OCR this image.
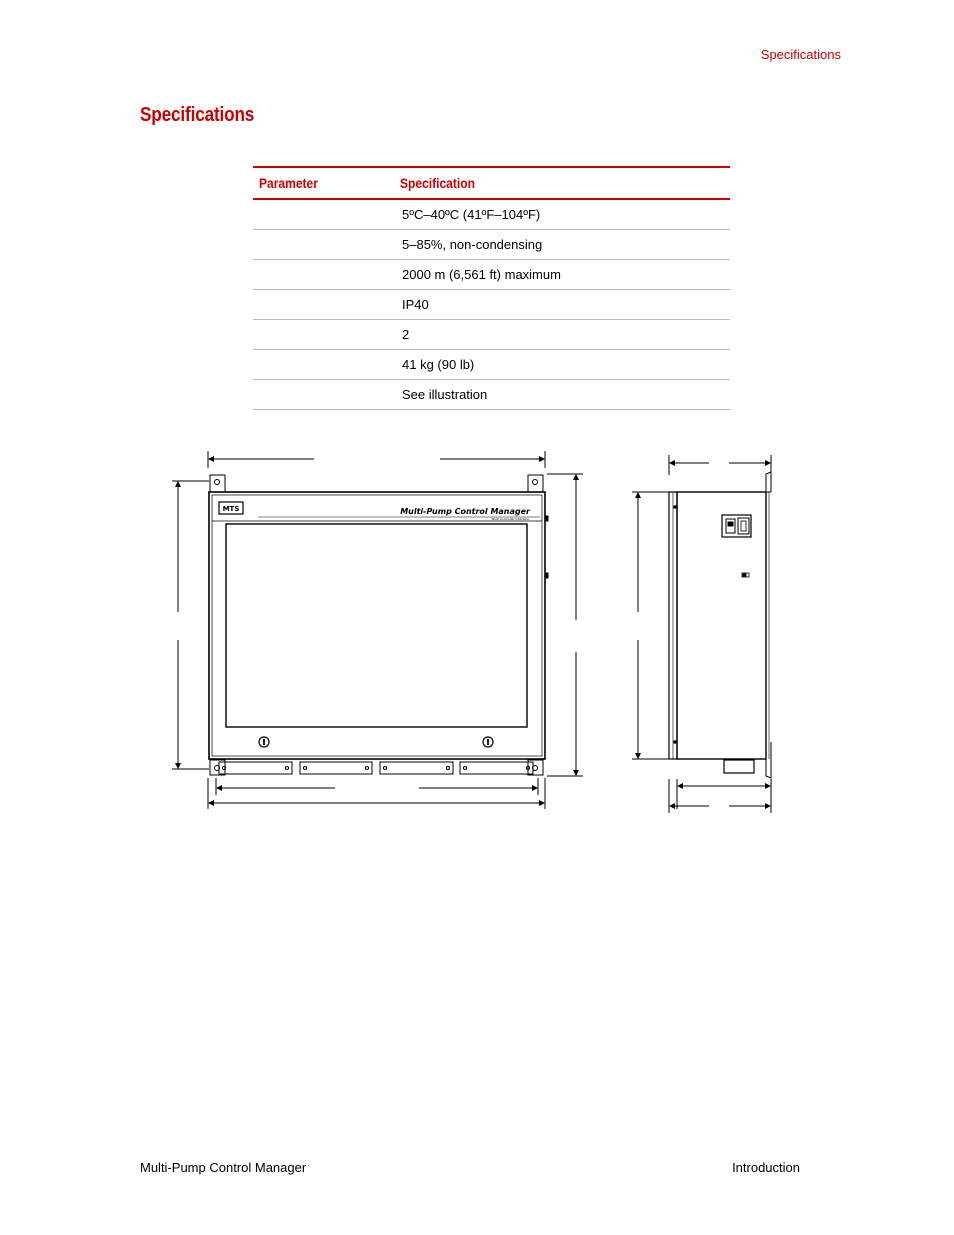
Specifications
Specifications
Parameter	Specification
	5ºC–40ºC (41ºF–104ºF)
	5–85%, non-condensing
	2000 m (6,561 ft) maximum
	IP40
	2
	41 kg (90 lb)
	See illustration
MTS	Multi-Pump Control Manager
Multi Controller Interface
Multi-Pump Control Manager	Introduction
